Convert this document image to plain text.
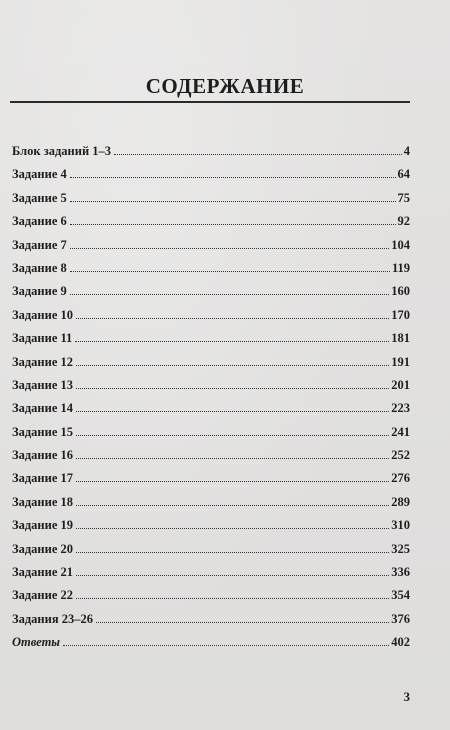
СОДЕРЖАНИЕ
Блок заданий 1–3	4
Задание 4	64
Задание 5	75
Задание 6	92
Задание 7	104
Задание 8	119
Задание 9	160
Задание 10	170
Задание 11	181
Задание 12	191
Задание 13	201
Задание 14	223
Задание 15	241
Задание 16	252
Задание 17	276
Задание 18	289
Задание 19	310
Задание 20	325
Задание 21	336
Задание 22	354
Задания 23–26	376
Ответы	402
3
